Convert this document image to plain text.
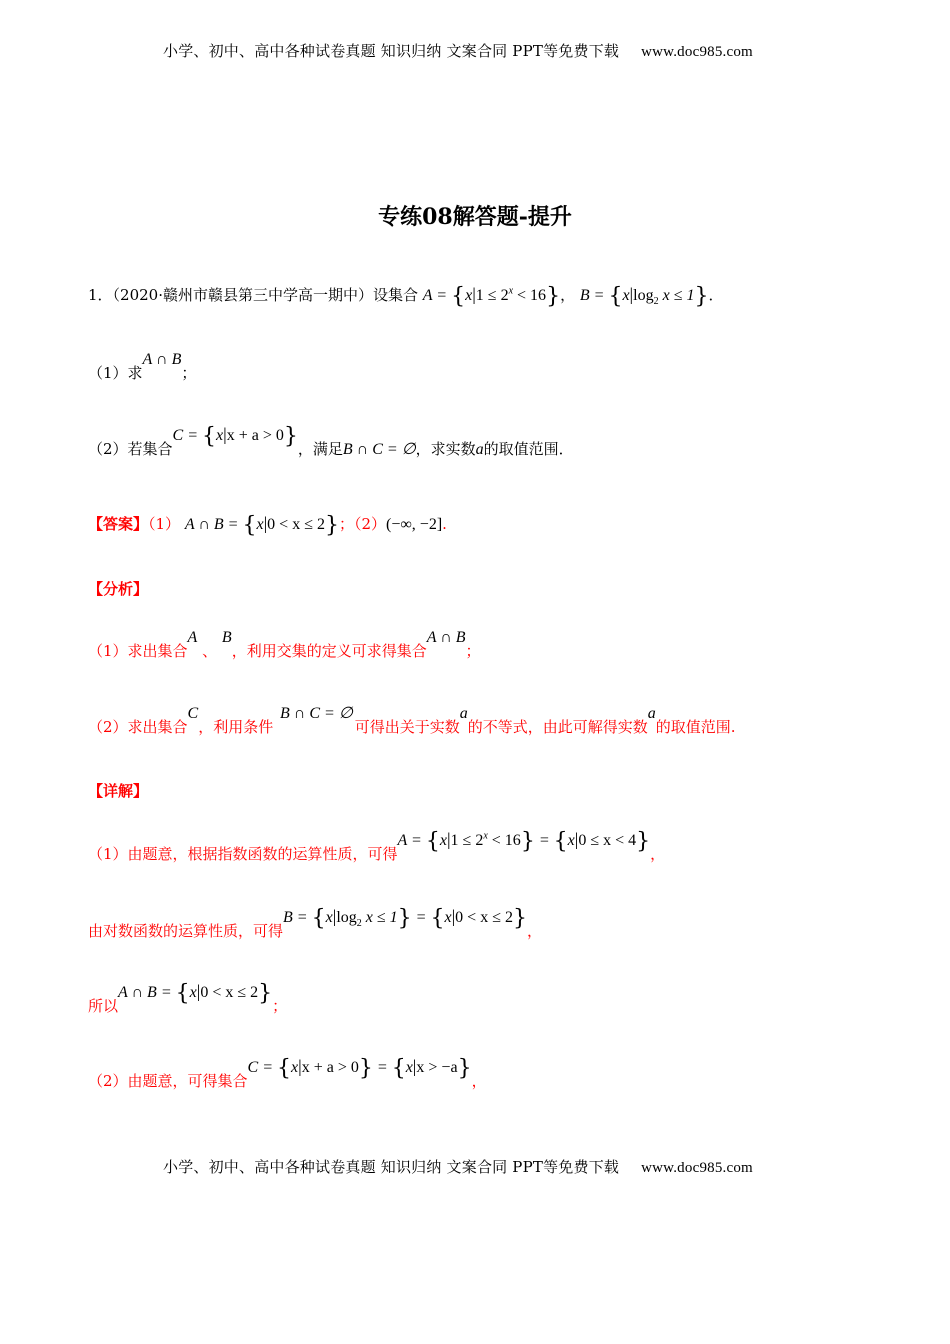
小学、初中、高中各种试卷真题 知识归纳 文案合同 PPT等免费下载 www.doc985.com
专练08解答题-提升
1．（2020·赣州市赣县第三中学高一期中）设集合 $A = \{x|1 \le 2^x < 16\}$， $B = \{x|\log_2$ x ≤ 1}．
（1）求A ∩ B；
（2）若集合C = {x|x + a > 0}，满足B ∩ C = ∅，求实数a的取值范围．
【答案】（1） A ∩ B = {x|0 < x ≤ 2}；（2）(−∞, −2].
【分析】
（1）求出集合A 、 B，利用交集的定义可求得集合A ∩ B；
（2）求出集合C，利用条件 B ∩ C = ∅可得出关于实数a的不等式，由此可解得实数a的取值范围.
【详解】
（1）由题意，根据指数函数的运算性质，可得$A = \{x|1 \le 2^x < 16\} = \{x|0 \le x < 4\}$，
由对数函数的运算性质，可得$B = \{x|\log_2$ x ≤ 1} = {x|0 < x ≤ 2}，
所以A ∩ B = {x|0 < x ≤ 2}；
（2）由题意，可得集合C = {x|x + a > 0} = {x|x > −a}，
小学、初中、高中各种试卷真题 知识归纳 文案合同 PPT等免费下载 www.doc985.com
